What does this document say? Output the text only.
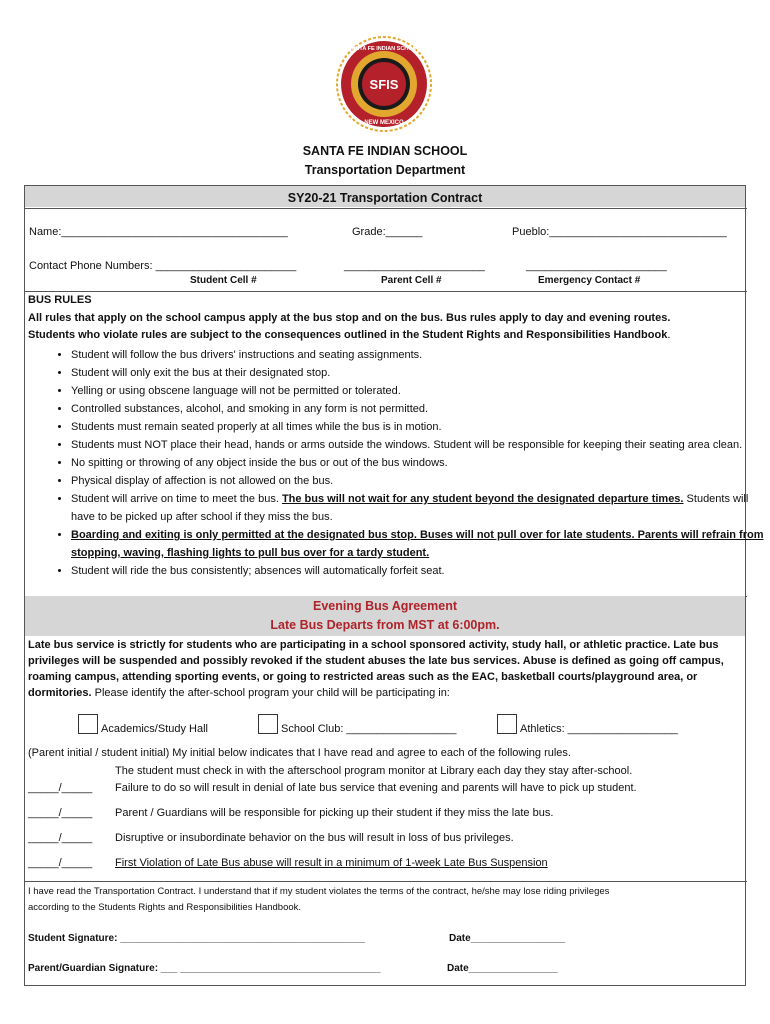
SFIS
SANTA FE INDIAN SCHOOL
NEW MEXICO
SANTA FE INDIAN SCHOOL
Transportation Department
SY20-21 Transportation Contract
Name:_____________________________________	Grade:______	Pueblo:_____________________________
Contact Phone Numbers: _______________________	_______________________	_______________________
Student Cell #	Parent Cell #	Emergency Contact #
BUS RULES
All rules that apply on the school campus apply at the bus stop and on the bus. Bus rules apply to day and evening routes.
Students who violate rules are subject to the consequences outlined in the Student Rights and Responsibilities Handbook.
• Student will follow the bus drivers' instructions and seating assignments.
• Student will only exit the bus at their designated stop.
• Yelling or using obscene language will not be permitted or tolerated.
• Controlled substances, alcohol, and smoking in any form is not permitted.
• Students must remain seated properly at all times while the bus is in motion.
• Students must NOT place their head, hands or arms outside the windows. Student will be responsible for keeping their seating area clean.
• No spitting or throwing of any object inside the bus or out of the bus windows.
• Physical display of affection is not allowed on the bus.
• Student will arrive on time to meet the bus. The bus will not wait for any student beyond the designated departure times. Students will have to be picked up after school if they miss the bus.
• Boarding and exiting is only permitted at the designated bus stop. Buses will not pull over for late students. Parents will refrain from stopping, waving, flashing lights to pull bus over for a tardy student.
• Student will ride the bus consistently; absences will automatically forfeit seat.
Evening Bus Agreement
Late Bus Departs from MST at 6:00pm.
Late bus service is strictly for students who are participating in a school sponsored activity, study hall, or athletic practice. Late bus privileges will be suspended and possibly revoked if the student abuses the late bus services. Abuse is defined as going off campus, roaming campus, attending sporting events, or going to restricted areas such as the EAC, basketball courts/playground area, or dormitories. Please identify the after-school program your child will be participating in:
Academics/Study Hall	School Club: __________________	Athletics: __________________
(Parent initial / student initial) My initial below indicates that I have read and agree to each of the following rules.
The student must check in with the afterschool program monitor at Library each day they stay after-school.
_____/_____ Failure to do so will result in denial of late bus service that evening and parents will have to pick up student.
_____/_____ Parent / Guardians will be responsible for picking up their student if they miss the late bus.
_____/_____ Disruptive or insubordinate behavior on the bus will result in loss of bus privileges.
_____/_____ First Violation of Late Bus abuse will result in a minimum of 1-week Late Bus Suspension
I have read the Transportation Contract. I understand that if my student violates the terms of the contract, he/she may lose riding privileges
according to the Students Rights and Responsibilities Handbook.
Student Signature: ____________________________________________	Date_________________
Parent/Guardian Signature: ___ ____________________________________	Date________________
